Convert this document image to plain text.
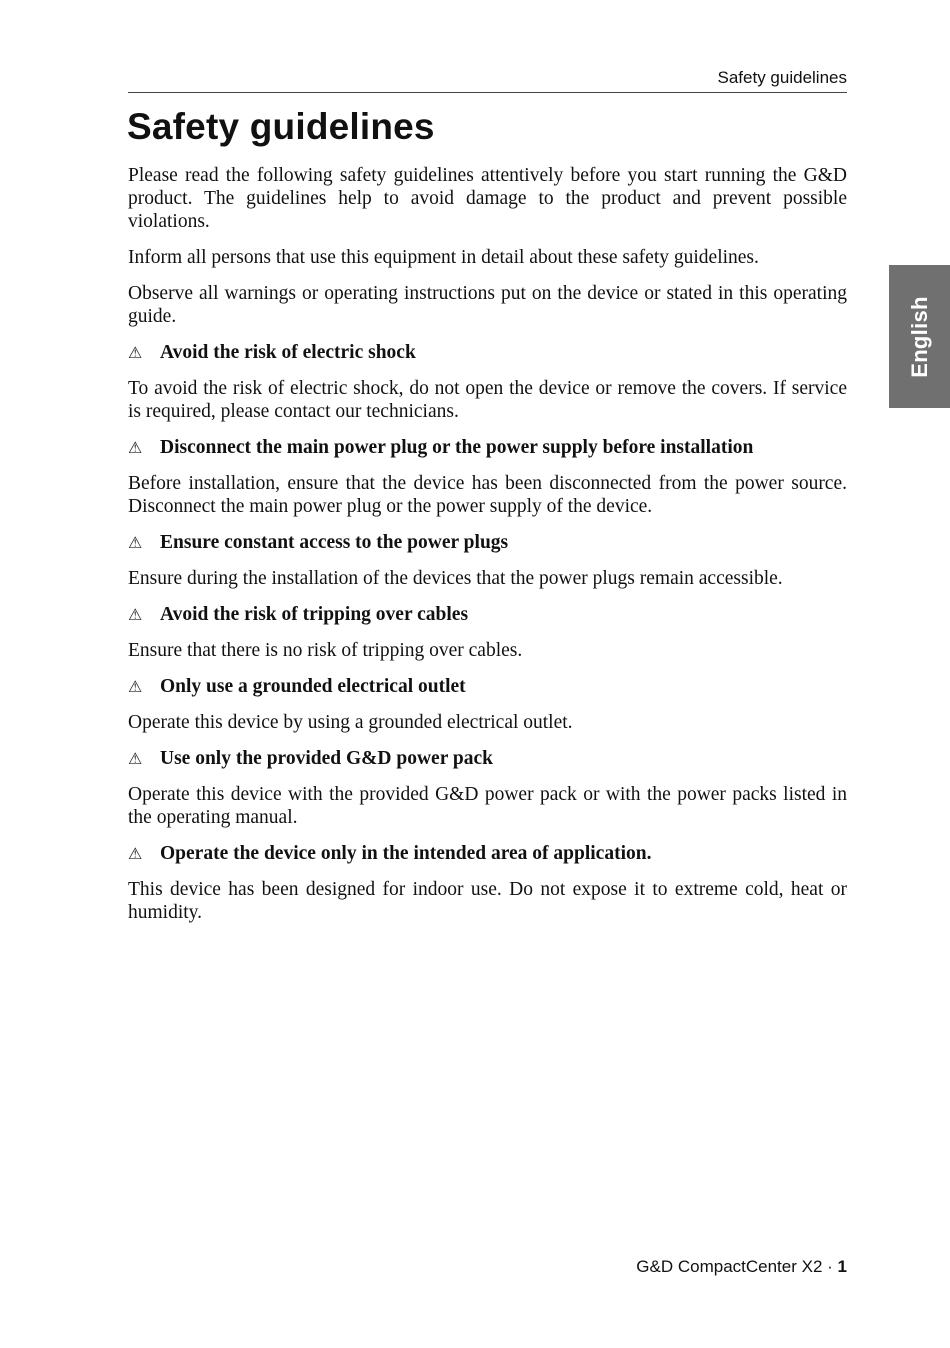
Safety guidelines
Safety guidelines

Please read the following safety guidelines attentively before you start running the G&D product. The guidelines help to avoid damage to the product and prevent possible violations.

Inform all persons that use this equipment in detail about these safety guidelines.

Observe all warnings or operating instructions put on the device or stated in this operating guide.

⚠ Avoid the risk of electric shock

To avoid the risk of electric shock, do not open the device or remove the covers. If service is required, please contact our technicians.

⚠ Disconnect the main power plug or the power supply before installation

Before installation, ensure that the device has been disconnected from the power source. Disconnect the main power plug or the power supply of the device.

⚠ Ensure constant access to the power plugs

Ensure during the installation of the devices that the power plugs remain accessible.

⚠ Avoid the risk of tripping over cables

Ensure that there is no risk of tripping over cables.

⚠ Only use a grounded electrical outlet

Operate this device by using a grounded electrical outlet.

⚠ Use only the provided G&D power pack

Operate this device with the provided G&D power pack or with the power packs listed in the operating manual.

⚠ Operate the device only in the intended area of application.

This device has been designed for indoor use. Do not expose it to extreme cold, heat or humidity.

English
G&D CompactCenter X2 · 1
